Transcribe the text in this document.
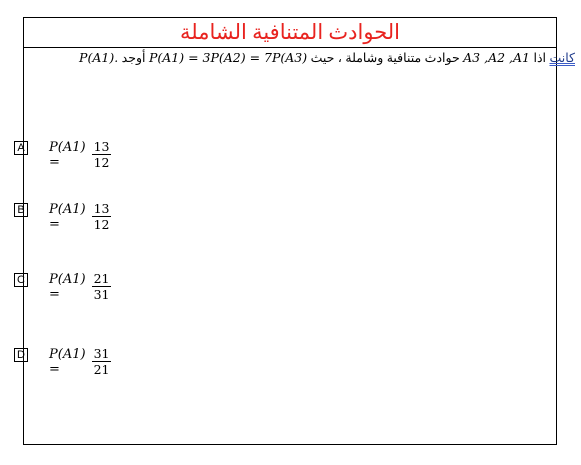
الحوادث المتنافية الشاملة
P(A1). أوجد P(A1) = 3P(A2) = 7P(A3) حوادث متنافية وشاملة ، حيث A3 ,A2 ,A1 كانت اذا
A P(A1) =	$\frac{13}{12}$
B P(A1) =	$\frac{13}{12}$
C P(A1) =	$\frac{21}{31}$
D P(A1) =	$\frac{31}{21}$
